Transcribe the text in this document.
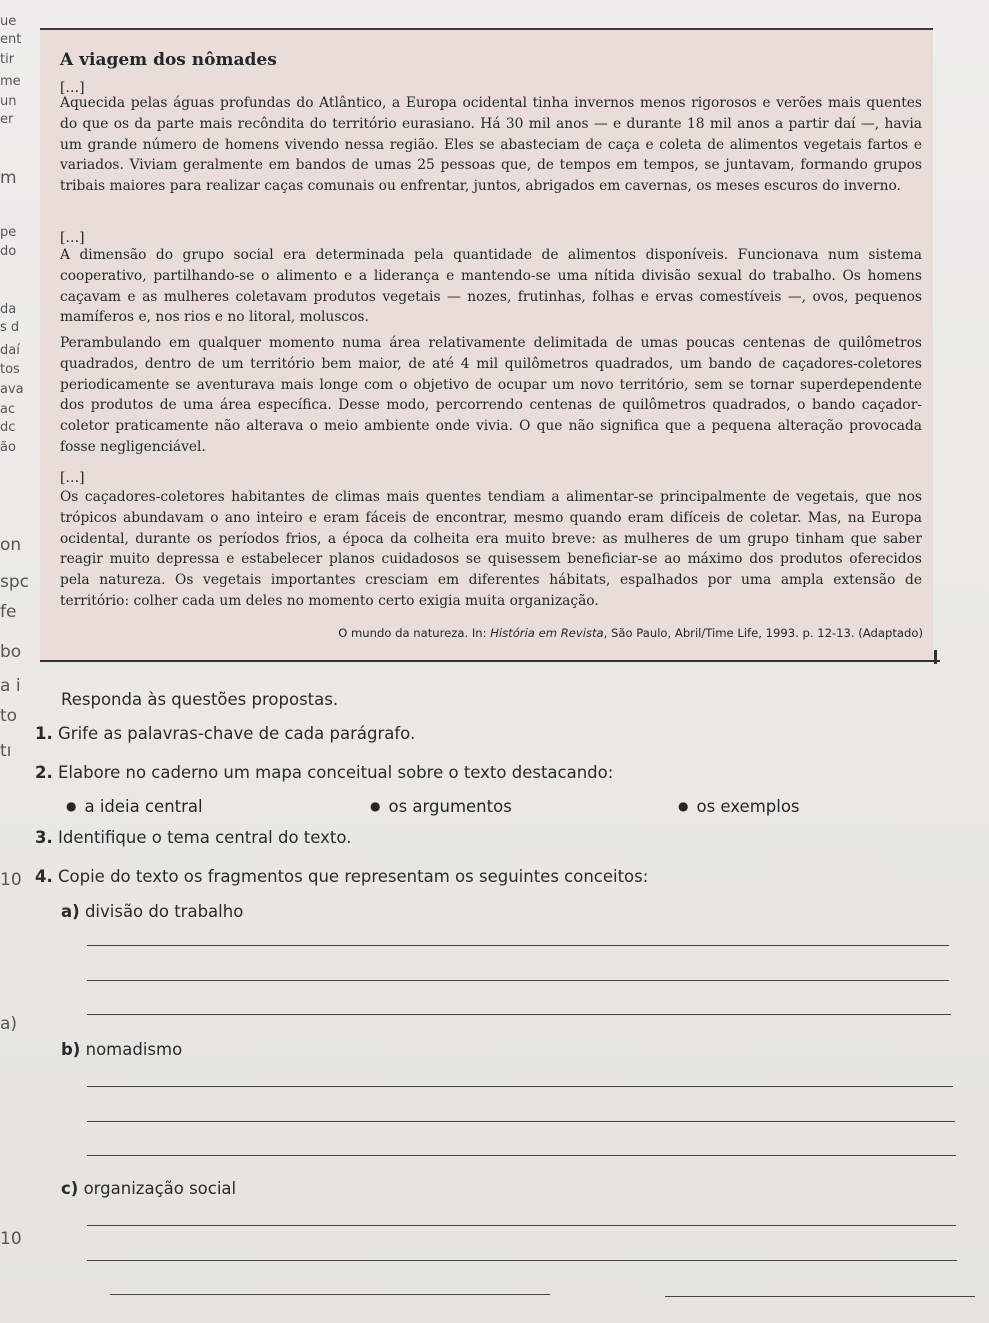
ue
ent
tir
me
un
er
m
pe
do
da
s d
daí
tos
ava
ac
dc
ão
on
spc
fe
bo
a i
to
tı
10
a)
10
A viagem dos nômades
[…]
Aquecida pelas águas profundas do Atlântico, a Europa ocidental tinha invernos menos rigorosos e verões mais quentes do que os da parte mais recôndita do território eurasiano. Há 30 mil anos — e durante 18 mil anos a partir daí —, havia um grande número de homens vivendo nessa região. Eles se abasteciam de caça e coleta de alimentos vegetais fartos e variados. Viviam geralmente em bandos de umas 25 pessoas que, de tempos em tempos, se juntavam, formando grupos tribais maiores para realizar caças comunais ou enfrentar, juntos, abrigados em cavernas, os meses escuros do inverno.
[…]
A dimensão do grupo social era determinada pela quantidade de alimentos disponíveis. Funcionava num sistema cooperativo, partilhando-se o alimento e a liderança e mantendo-se uma nítida divisão sexual do trabalho. Os homens caçavam e as mulheres coletavam produtos vegetais — nozes, frutinhas, folhas e ervas comestíveis —, ovos, pequenos mamíferos e, nos rios e no litoral, moluscos.
Perambulando em qualquer momento numa área relativamente delimitada de umas poucas centenas de quilômetros quadrados, dentro de um território bem maior, de até 4 mil quilômetros quadrados, um bando de caçadores-coletores periodicamente se aventurava mais longe com o objetivo de ocupar um novo território, sem se tornar superdependente dos produtos de uma área específica. Desse modo, percorrendo centenas de quilômetros quadrados, o bando caçador-coletor praticamente não alterava o meio ambiente onde vivia. O que não significa que a pequena alteração provocada fosse negligenciável.
[…]
Os caçadores-coletores habitantes de climas mais quentes tendiam a alimentar-se principalmente de vegetais, que nos trópicos abundavam o ano inteiro e eram fáceis de encontrar, mesmo quando eram difíceis de coletar. Mas, na Europa ocidental, durante os períodos frios, a época da colheita era muito breve: as mulheres de um grupo tinham que saber reagir muito depressa e estabelecer planos cuidadosos se quisessem beneficiar-se ao máximo dos produtos oferecidos pela natureza. Os vegetais importantes cresciam em diferentes hábitats, espalhados por uma ampla extensão de território: colher cada um deles no momento certo exigia muita organização.
O mundo da natureza. In: História em Revista, São Paulo, Abril/Time Life, 1993. p. 12-13. (Adaptado)
Responda às questões propostas.
1. Grife as palavras-chave de cada parágrafo.
2. Elabore no caderno um mapa conceitual sobre o texto destacando:
● a ideia central	● os argumentos	● os exemplos
3. Identifique o tema central do texto.
4. Copie do texto os fragmentos que representam os seguintes conceitos:
a) divisão do trabalho
b) nomadismo
c) organização social
